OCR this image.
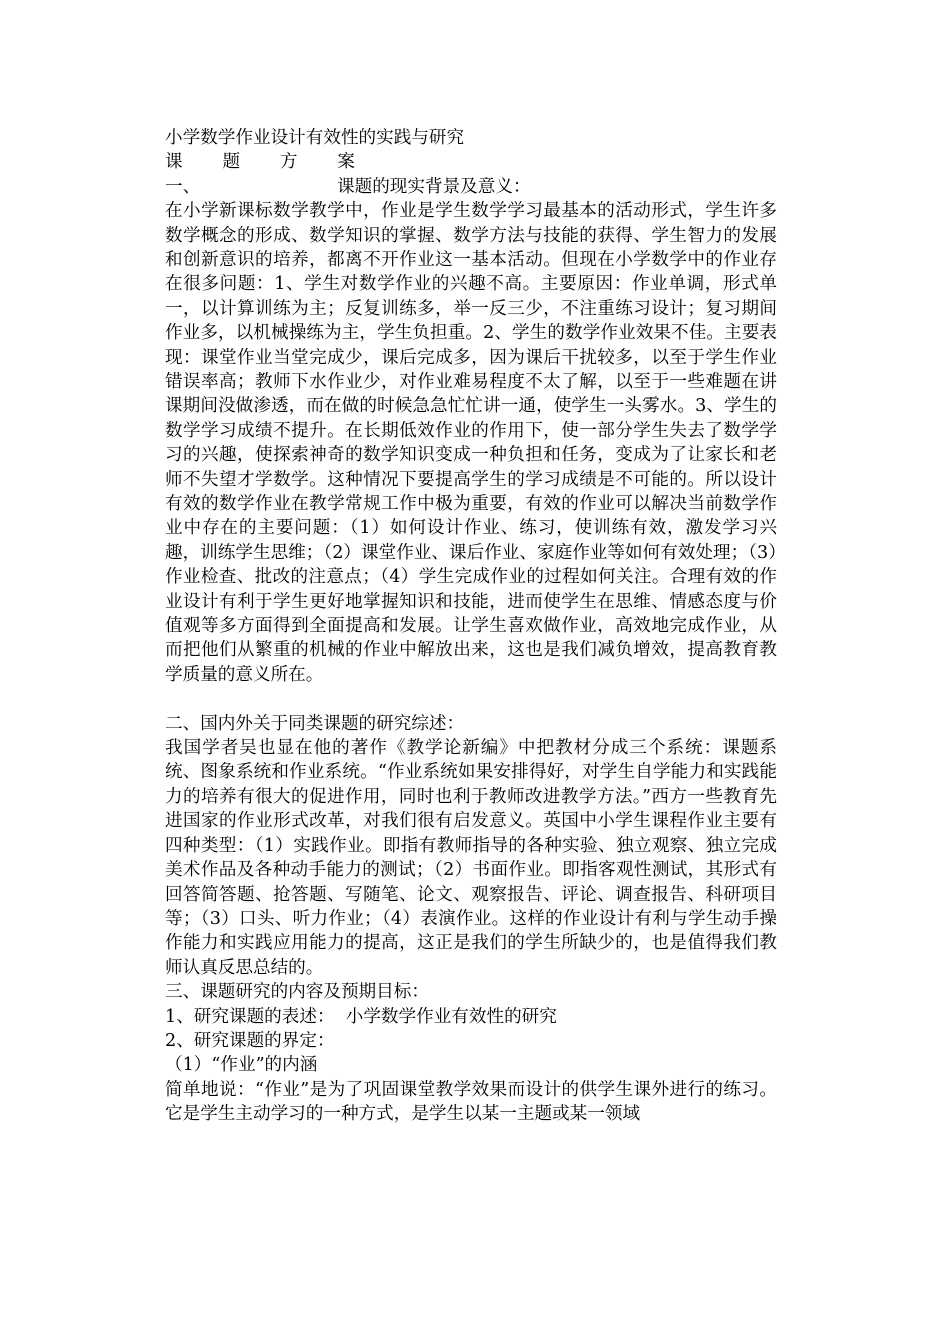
小学数学作业设计有效性的实践与研究
课 题 方 案
一、	课题的现实背景及意义：
在小学新课标数学教学中，作业是学生数学学习最基本的活动形式，学生许多数学概念的形成、数学知识的掌握、数学方法与技能的获得、学生智力的发展和创新意识的培养，都离不开作业这一基本活动。但现在小学数学中的作业存在很多问题：1、学生对数学作业的兴趣不高。主要原因：作业单调，形式单一，以计算训练为主；反复训练多，举一反三少，不注重练习设计；复习期间作业多，以机械操练为主，学生负担重。2、学生的数学作业效果不佳。主要表现：课堂作业当堂完成少，课后完成多，因为课后干扰较多，以至于学生作业错误率高；教师下水作业少，对作业难易程度不太了解，以至于一些难题在讲课期间没做渗透，而在做的时候急急忙忙讲一通，使学生一头雾水。3、学生的数学学习成绩不提升。在长期低效作业的作用下，使一部分学生失去了数学学习的兴趣，使探索神奇的数学知识变成一种负担和任务，变成为了让家长和老师不失望才学数学。这种情况下要提高学生的学习成绩是不可能的。所以设计有效的数学作业在教学常规工作中极为重要，有效的作业可以解决当前数学作业中存在的主要问题：（1）如何设计作业、练习，使训练有效，激发学习兴趣，训练学生思维；（2）课堂作业、课后作业、家庭作业等如何有效处理；（3）作业检查、批改的注意点；（4）学生完成作业的过程如何关注。合理有效的作业设计有利于学生更好地掌握知识和技能，进而使学生在思维、情感态度与价值观等多方面得到全面提高和发展。让学生喜欢做作业，高效地完成作业，从而把他们从繁重的机械的作业中解放出来，这也是我们减负增效，提高教育教学质量的意义所在。
二、国内外关于同类课题的研究综述：
我国学者吴也显在他的著作《教学论新编》中把教材分成三个系统：课题系统、图象系统和作业系统。“作业系统如果安排得好，对学生自学能力和实践能力的培养有很大的促进作用，同时也利于教师改进教学方法。”西方一些教育先进国家的作业形式改革，对我们很有启发意义。英国中小学生课程作业主要有四种类型：（1）实践作业。即指有教师指导的各种实验、独立观察、独立完成美术作品及各种动手能力的测试；（2）书面作业。即指客观性测试，其形式有回答简答题、抢答题、写随笔、论文、观察报告、评论、调查报告、科研项目等；（3）口头、听力作业；（4）表演作业。这样的作业设计有利与学生动手操作能力和实践应用能力的提高，这正是我们的学生所缺少的，也是值得我们教师认真反思总结的。
三、课题研究的内容及预期目标：
1、研究课题的表述：  小学数学作业有效性的研究
2、研究课题的界定：
（1）“作业”的内涵
简单地说：“作业”是为了巩固课堂教学效果而设计的供学生课外进行的练习。它是学生主动学习的一种方式，是学生以某一主题或某一领域
